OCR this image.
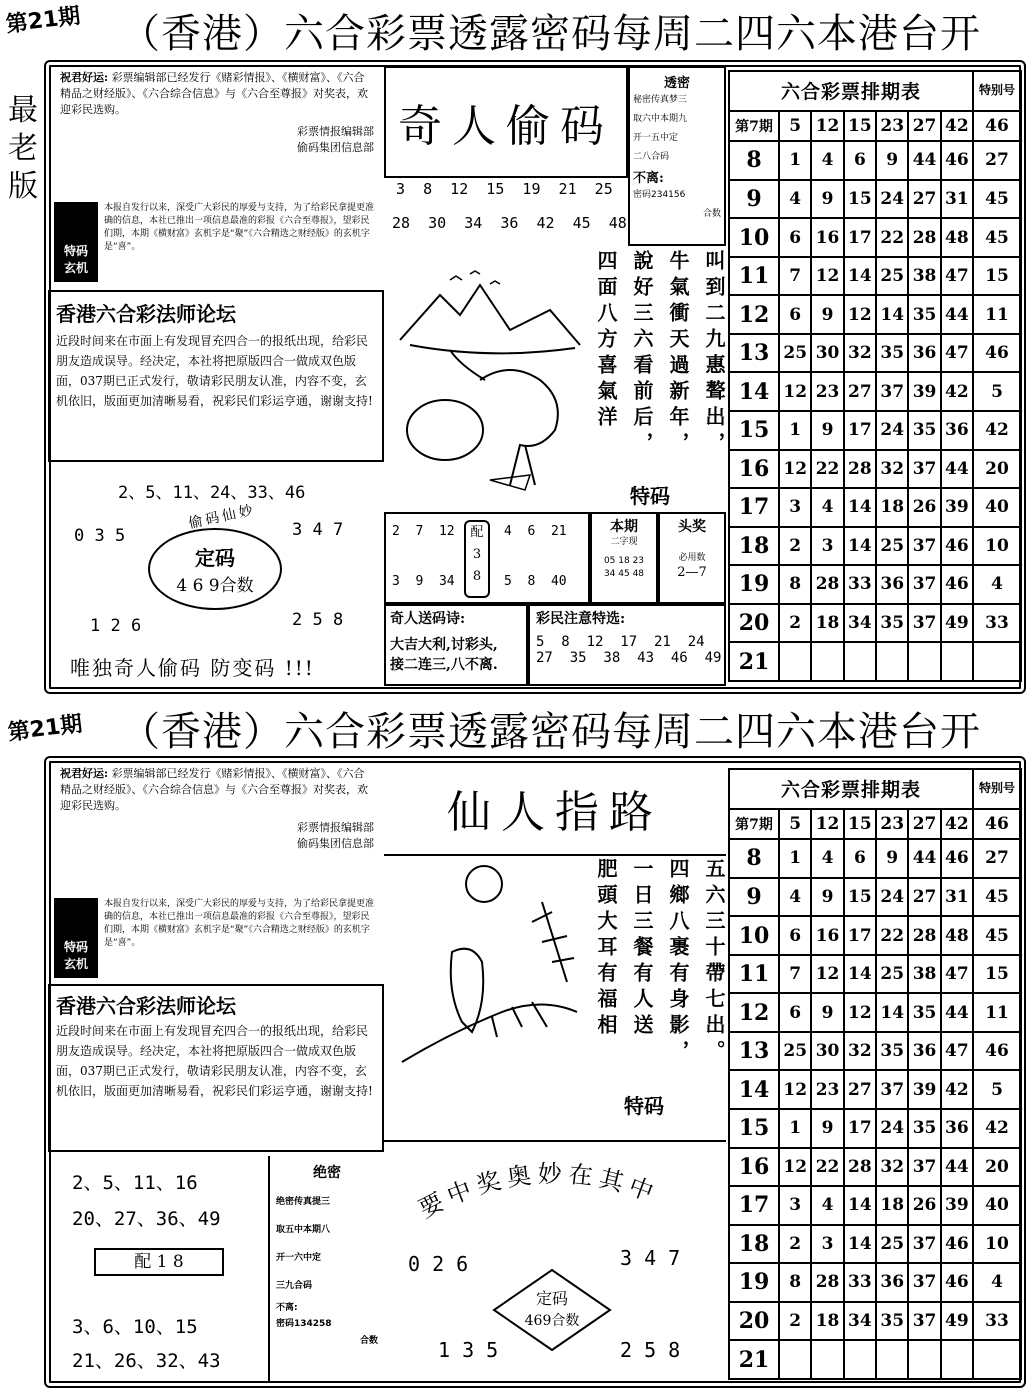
第21期 （香港）六合彩票透露密码每周二四六本港台开
最
老
版
祝君好运: 彩票编辑部已经发行《赌彩情报》、《横财富》、《六合精品之财经版》、《六合综合信息》与《六合至尊报》对奖表，欢迎彩民选购。
彩票情报编辑部
偷码集团信息部
特码
玄机
本报自发行以来，深受广大彩民的厚爱与支持，为了给彩民拿提更准确的信息，本社已推出一项信息最准的彩报《六合至尊报》，望彩民们期，本期《横财富》玄机字是“聚”《六合精选之财经版》的玄机字是“喜”。
香港六合彩法师论坛
近段时间来在市面上有发现冒充四合一的报纸出现，给彩民朋友造成误导。经决定，本社将把原版四合一做成双色版面，037期已正式发行，敬请彩民朋友认准，内容不变，玄机依旧，版面更加清晰易看，祝彩民们彩运亨通，谢谢支持!
2、5、11、24、33、46
偷码仙妙
0 3 5	3 4 7
定码
4 6 9合数
1 2 6	2 5 8
唯独奇人偷码 防变码 !!!
奇人偷码
3  8  12  15  19  21  25
28  30  34  36  42  45  48
透密
秘密传真梦三
取六中本期九
开一五中定
二八合码
不离:
密码234156
合数
叫到二九惠聱出，
牛氣衝天過新年，
說好三六看前后，
四面八方喜氣洋
特码
2  7  12
3  9  34
配
3
8
4  6  21
5  8  40
本期
二字现
05 18 23
34 45 48
头奖
必用数
2—7
奇人送码诗:
大吉大利,讨彩头,
接二连三,八不离.
彩民注意特选:
5  8  12  17  21  24
27  35  38  43  46  49
六合彩票排期表							特别号
第7期	5	12	15	23	27	42	46
8	1	4	6	9	44	46	27
9	4	9	15	24	27	31	45
10	6	16	17	22	28	48	45
11	7	12	14	25	38	47	15
12	6	9	12	14	35	44	11
13	25	30	32	35	36	47	46
14	12	23	27	37	39	42	5
15	1	9	17	24	35	36	42
16	12	22	28	32	37	44	20
17	3	4	14	18	26	39	40
18	2	3	14	25	37	46	10
19	8	28	33	36	37	46	4
20	2	18	34	35	37	49	33
21							
第21期 （香港）六合彩票透露密码每周二四六本港台开
祝君好运: 彩票编辑部已经发行《赌彩情报》、《横财富》、《六合精品之财经版》、《六合综合信息》与《六合至尊报》对奖表，欢迎彩民选购。
彩票情报编辑部
偷码集团信息部
特码
玄机
本报自发行以来，深受广大彩民的厚爱与支持，为了给彩民拿提更准确的信息，本社已推出一项信息最准的彩报《六合至尊报》，望彩民们期，本期《横财富》玄机字是“聚”《六合精选之财经版》的玄机字是“喜”。
香港六合彩法师论坛
近段时间来在市面上有发现冒充四合一的报纸出现，给彩民朋友造成误导。经决定，本社将把原版四合一做成双色版面，037期已正式发行，敬请彩民朋友认准，内容不变，玄机依旧，版面更加清晰易看，祝彩民们彩运亨通，谢谢支持!
2、5、11、16
20、27、36、49
配 1 8
3、6、10、15
21、26、32、43
绝密
绝密传真提三
取五中本期八
开一六中定
三九合码
不离:
密码134258
合数
仙人指路
五六三十帶七出。
四鄉八裹有身影，
一日三餐有人送
肥頭大耳有福相
特码
要中奖奥妙在其中
0 2 6	3 4 7
定码
469合数
1 3 5	2 5 8
六合彩票排期表							特别号
第7期	5	12	15	23	27	42	46
8	1	4	6	9	44	46	27
9	4	9	15	24	27	31	45
10	6	16	17	22	28	48	45
11	7	12	14	25	38	47	15
12	6	9	12	14	35	44	11
13	25	30	32	35	36	47	46
14	12	23	27	37	39	42	5
15	1	9	17	24	35	36	42
16	12	22	28	32	37	44	20
17	3	4	14	18	26	39	40
18	2	3	14	25	37	46	10
19	8	28	33	36	37	46	4
20	2	18	34	35	37	49	33
21							
